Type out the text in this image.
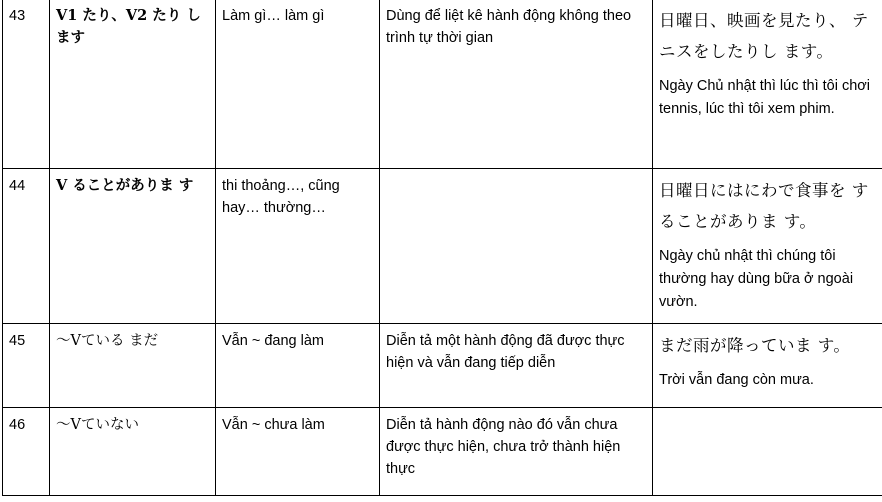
43	V1 たり、V2 たり します	Làm gì… làm gì	Dùng để liệt kê hành động không theo trình tự thời gian	日曜日、映画を見たり、 テニスをしたりし ます。
Ngày Chủ nhật thì lúc thì tôi chơi tennis, lúc thì tôi xem phim.

44	V ることがありま す	thi thoảng…, cũng hay… thường…		日曜日にはにわで食事を することがありま す。
Ngày chủ nhật thì chúng tôi thường hay dùng bữa ở ngoài vườn.

45	～Vている まだ	Vẫn ~ đang làm	Diễn tả một hành động đã được thực hiện và vẫn đang tiếp diễn	まだ雨が降っていま す。
Trời vẫn đang còn mưa.

46	～Vていない	Vẫn ~ chưa làm	Diễn tả hành động nào đó vẫn chưa được thực hiện, chưa trở thành hiện thực	
